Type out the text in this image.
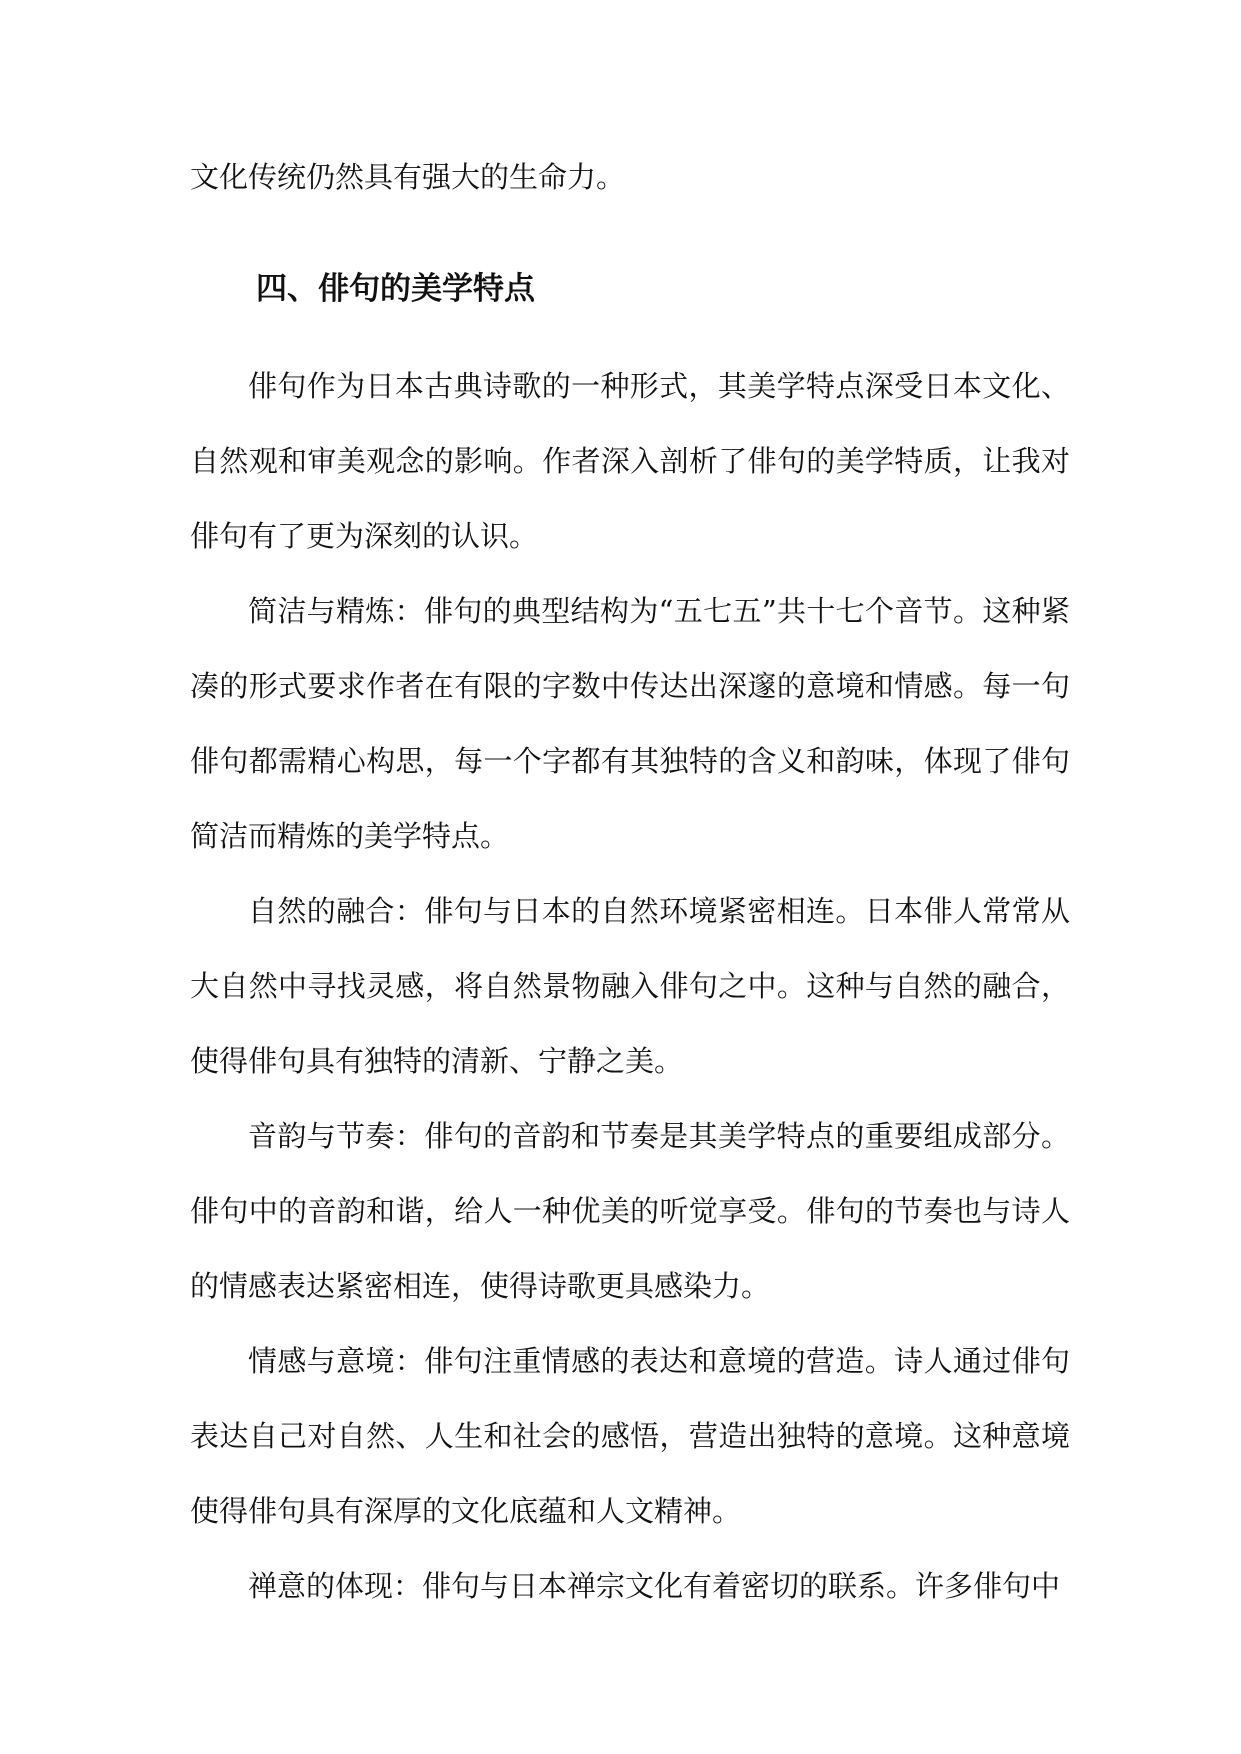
文化传统仍然具有强大的生命力。

四、俳句的美学特点

俳句作为日本古典诗歌的一种形式，其美学特点深受日本文化、自然观和审美观念的影响。作者深入剖析了俳句的美学特质，让我对俳句有了更为深刻的认识。

简洁与精炼：俳句的典型结构为“五七五”共十七个音节。这种紧凑的形式要求作者在有限的字数中传达出深邃的意境和情感。每一句俳句都需精心构思，每一个字都有其独特的含义和韵味，体现了俳句简洁而精炼的美学特点。

自然的融合：俳句与日本的自然环境紧密相连。日本俳人常常从大自然中寻找灵感，将自然景物融入俳句之中。这种与自然的融合，使得俳句具有独特的清新、宁静之美。

音韵与节奏：俳句的音韵和节奏是其美学特点的重要组成部分。俳句中的音韵和谐，给人一种优美的听觉享受。俳句的节奏也与诗人的情感表达紧密相连，使得诗歌更具感染力。

情感与意境：俳句注重情感的表达和意境的营造。诗人通过俳句表达自己对自然、人生和社会的感悟，营造出独特的意境。这种意境使得俳句具有深厚的文化底蕴和人文精神。

禅意的体现：俳句与日本禅宗文化有着密切的联系。许多俳句中
